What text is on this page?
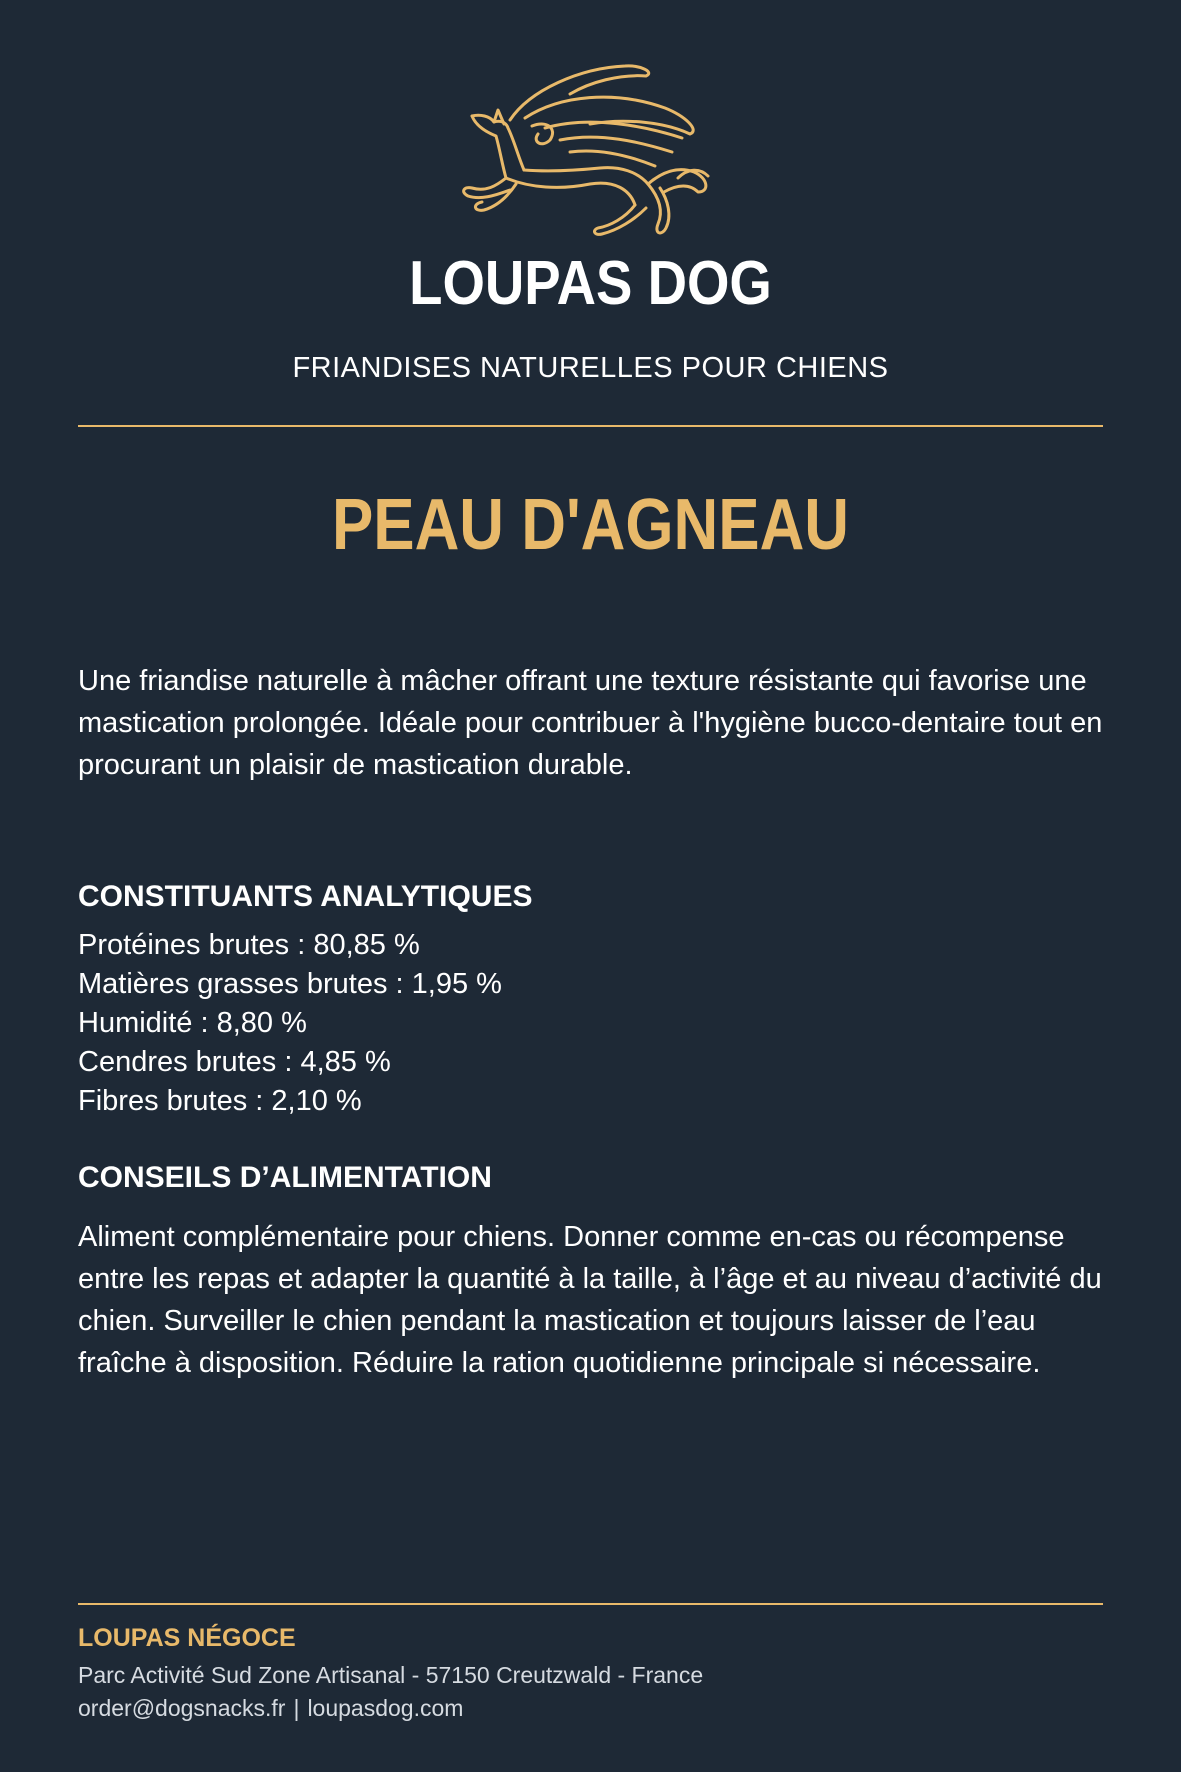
LOUPAS DOG
FRIANDISES NATURELLES POUR CHIENS
PEAU D'AGNEAU

Une friandise naturelle à mâcher offrant une texture résistante qui favorise une mastication prolongée. Idéale pour contribuer à l'hygiène bucco-dentaire tout en procurant un plaisir de mastication durable.

CONSTITUANTS ANALYTIQUES
Protéines brutes : 80,85 %
Matières grasses brutes : 1,95 %
Humidité : 8,80 %
Cendres brutes : 4,85 %
Fibres brutes : 2,10 %
CONSEILS D’ALIMENTATION

Aliment complémentaire pour chiens. Donner comme en-cas ou récompense entre les repas et adapter la quantité à la taille, à l’âge et au niveau d’activité du chien. Surveiller le chien pendant la mastication et toujours laisser de l’eau fraîche à disposition. Réduire la ration quotidienne principale si nécessaire.

LOUPAS NÉGOCE
Parc Activité Sud Zone Artisanal - 57150 Creutzwald - France
order@dogsnacks.fr | loupasdog.com
